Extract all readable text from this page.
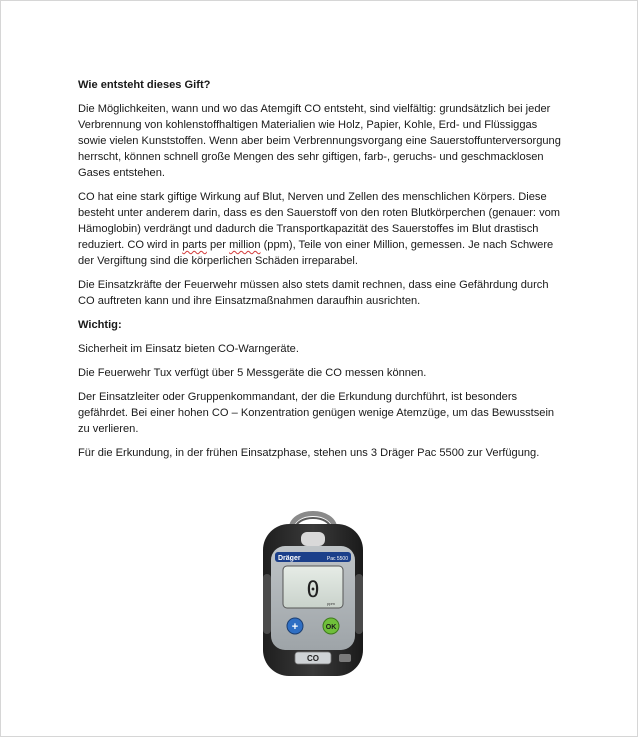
Wie entsteht dieses Gift?

Die Möglichkeiten, wann und wo das Atemgift CO entsteht, sind vielfältig: grundsätzlich bei jeder Verbrennung von kohlenstoffhaltigen Materialien wie Holz, Papier, Kohle, Erd- und Flüssiggas sowie vielen Kunststoffen. Wenn aber beim Verbrennungsvorgang eine Sauerstoffunterversorgung herrscht, können schnell große Mengen des sehr giftigen, farb-, geruchs- und geschmacklosen Gases entstehen.

CO hat eine stark giftige Wirkung auf Blut, Nerven und Zellen des menschlichen Körpers. Diese besteht unter anderem darin, dass es den Sauerstoff von den roten Blutkörperchen (genauer: vom Hämoglobin) verdrängt und dadurch die Transportkapazität des Sauerstoffes im Blut drastisch reduziert. CO wird in parts per million (ppm), Teile von einer Million, gemessen. Je nach Schwere der Vergiftung sind die körperlichen Schäden irreparabel.

Die Einsatzkräfte der Feuerwehr müssen also stets damit rechnen, dass eine Gefährdung durch CO auftreten kann und ihre Einsatzmaßnahmen daraufhin ausrichten.

Wichtig:

Sicherheit im Einsatz bieten CO-Warngeräte.

Die Feuerwehr Tux verfügt über 5 Messgeräte die CO messen können.

Der Einsatzleiter oder Gruppenkommandant, der die Erkundung durchführt, ist besonders gefährdet. Bei einer hohen CO – Konzentration genügen wenige Atemzüge, um das Bewusstsein zu verlieren.

Für die Erkundung, in der frühen Einsatzphase, stehen uns 3 Dräger Pac 5500 zur Verfügung.

Dräger	Pac 5500
0
ppm
+	OK
CO
